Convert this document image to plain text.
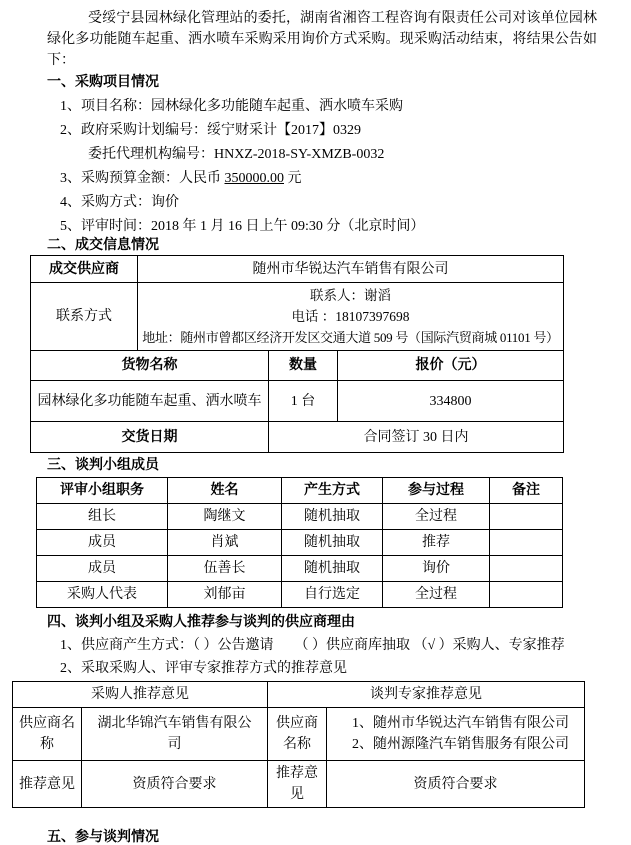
受绥宁县园林绿化管理站的委托，湖南省湘咨工程咨询有限责任公司对该单位园林绿化多功能随车起重、洒水喷车采购采用询价方式采购。现采购活动结束，将结果公告如下：

一、采购项目情况
1、项目名称：园林绿化多功能随车起重、洒水喷车采购
2、政府采购计划编号：绥宁财采计【2017】0329
委托代理机构编号：HNXZ-2018-SY-XMZB-0032
3、采购预算金额：人民币 350000.00 元
4、采购方式：询价
5、评审时间：2018 年 1 月 16 日上午 09:30 分（北京时间）
二、成交信息情况
成交供应商	随州市华锐达汽车销售有限公司		
联系方式	联系人：谢滔
电话 ：18107397698
地址：随州市曾都区经济开发区交通大道 509 号（国际汽贸商城 01101 号）		

货物名称		数量	报价（元）
园林绿化多功能随车起重、洒水喷车		1 台	334800
交货日期		合同签订 30 日内	
三、谈判小组成员
评审小组职务	姓名	产生方式	参与过程	备注
组长	陶继文	随机抽取	全过程	
成员	肖斌	随机抽取	推荐	
成员	伍善长	随机抽取	询价	
采购人代表	刘郁亩	自行选定	全过程	
四、谈判小组及采购人推荐参与谈判的供应商理由
1、供应商产生方式：（ ）公告邀请　　（ ）供应商库抽取 （√ ）采购人、专家推荐
2、采取采购人、评审专家推荐方式的推荐意见
采购人推荐意见		谈判专家推荐意见	
供应商名称	湖北华锦汽车销售有限公司	供应商名称	1、随州市华锐达汽车销售有限公司
2、随州源隆汽车销售服务有限公司

推荐意见	资质符合要求	推荐意见	资质符合要求
五、参与谈判情况
